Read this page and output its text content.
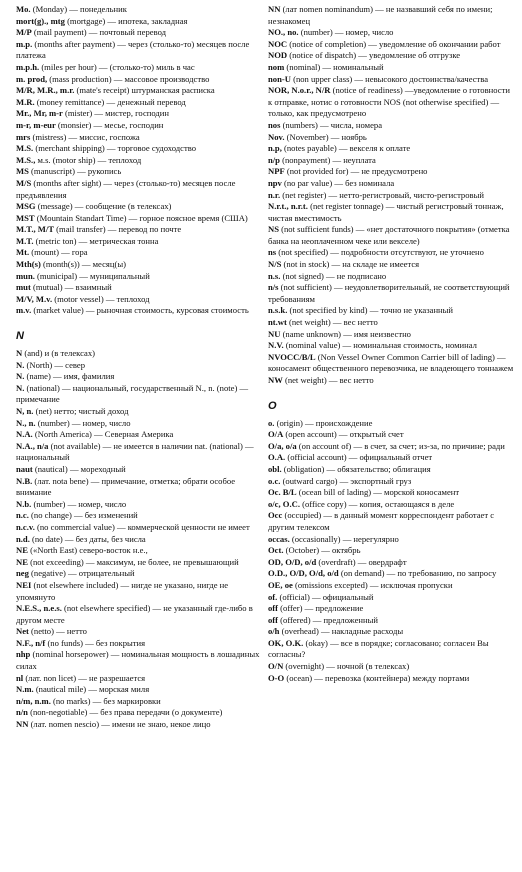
Mo. (Monday) — понедельник

mort(g)., mtg (mortgage) — ипотека, закладная

M/P (mail payment) — почтовый перевод

m.p. (months after payment) — через (столько-то) месяцев после платежа

m.p.h. (miles per hour) — (столько-то) миль в час

m. prod, (mass production) — массовое производство

M/R, M.R., m.r. (mate's receipt) штурманская расписка

M.R. (money remittance) — денежный перевод

Mr., Mr, m-r (mister) — мистер, господин

m-r, m-eur (monsier) — месье, господин

mrs (mistress) — миссис, госпожа

M.S. (merchant shipping) — торговое судоходство

M.S., м.s. (motor ship) — теплоход

MS (manuscript) — рукопись

M/S (months after sight) — через (столько-то) месяцев после предъявления

MSG (message) — сообщение (в телексах)

MST (Mountain Standart Time) — горное поясное время (США)

M.T., M/T (mail transfer) — перевод по почте

M.T. (metric ton) — метрическая тонна

Mt. (mount) — гора

Mth(s) (month(s)) — месяц(ы)

mun. (municipal) — муниципальный

mut (mutual) — взаимный

M/V, M.v. (motor vessel) — теплоход

m.v. (market value) — рыночная стоимость, курсовая стоимость

N

N (and) и (в телексах)

N. (North) — север

N. (name) — имя, фамилия

N. (national) — национальный, государственный N., n. (note) — примечание

N, n. (net) нетто; чистый доход

N., n. (number) — номер, число

N.A. (North America) — Северная Америка

N.A., n/a (not available) — не имеется в наличии nat. (national) — национальный

naut (nautical) — мореходный

N.B. (лат. nota bene) — примечание, отметка; обрати особое внимание

N.b. (number) — номер, число

n.c. (no change) — без изменений

n.c.v. (no commercial value) — коммерческой ценности не имеет

n.d. (no date) — без даты, без числа

NE («North East) северо-восток н.е.,

NE (not exceeding) — максимум, не более, не превышающий

neg (negative) — отрицательный

NEI (not elsewhere included) — нигде не указано, нигде не упомянуто

N.E.S., n.e.s. (not elsewhere specified) — не указанный где-либо в другом месте

Net (netto) — нетто

N.F., n/f (no funds) — без покрытия

nhp (nominal horsepower) — номинальная мощность в лошадиных силах

nl (лат. non licet) — не разрешается

N.m. (nautical mile) — морская миля

n/m, n.m. (no marks) — без маркировки

n/n (non-negotiable) — без права передачи (о документе)

NN (лат. nomen nescio) — имени не знаю, некое лицо

NN (лат nomen nominandum) — не назвавший себя по имени; незнакомец

NO., no. (number) — номер, число

NOC (notice of completion) — уведомление об окончании работ

NOD (notice of dispatch) — уведомление об отгрузке

nom (nominal) — номинальный

non-U (non upper class) — невысокого достоинства/качества

NOR, N.o.r., N/R (notice of readiness) —уведомление о готовности к отправке, нотис о готовности NOS (not otherwise specified) — только, как предусмотрено

nos (numbers) — числа, номера

Nov. (November) — ноябрь

n.p, (notes payable) — векселя к оплате

n/p (nonpayment) — неуплата

NPF (not provided for) — не предусмотрено

npv (no par value) — без номинала

n.r. (net register) — нетто-регистровый, чисто-регистровый

N.r.t., n.r.t. (net register tonnage) — чистый регистровый тоннаж, чистая вместимость

NS (not sufficient funds) — «нет достаточного покрытия» (отметка банка на неоплаченном чеке или векселе)

ns (not specified) — подробности отсутствуют, не уточнено

N/S (not in stock) — на складе не имеется

n.s. (not signed) — не подписано

n/s (not sufficient) — неудовлетворительный, не соответствующий требованиям

n.s.k. (not specified by kind) — точно не указанный

nt.wt (net weight) — вес нетто

NU (name unknown) — имя неизвестно

N.V. (nominal value) — номинальная стоимость, номинал

NVOCC/B/L (Non Vessel Owner Common Carrier bill of lading) — коносамент общественного перевозчика, не владеющего тоннажем

NW (net weight) — вес нетто

O

o. (origin) — происхождение

O/A (open account) — открытый счет

O/a, o/a (on account of) — в счет, за счет; из-за, по причине; ради

O.A. (official account) — официальный отчет

obl. (obligation) — обязательство; облигация

o.c. (outward cargo) — экспортный груз

Oc. B/L (ocean bill of lading) — морской коносамент

o/c, O.C. (office copy) — копия, остающаяся в деле

Occ (occupied) — в данный момент корреспондент работает с другим телексом

occas. (occasionally) — нерегулярно

Oct. (October) — октябрь

OD, O/D, o/d (overdraft) — овердрафт

O.D., O/D, O/d, o/d (on demand) — по требованию, по запросу

OE, oe (omissions excepted) — исключая пропуски

of. (official) — официальный

off (offer) — предложение

off (offered) — предложенный

o/h (overhead) — накладные расходы

OK, O.K. (okay) — все в порядке; согласовано; согласен Вы согласны?

O/N (overnight) — ночной (в телексах)

O-O (ocean) — перевозка (контейнера) между портами
